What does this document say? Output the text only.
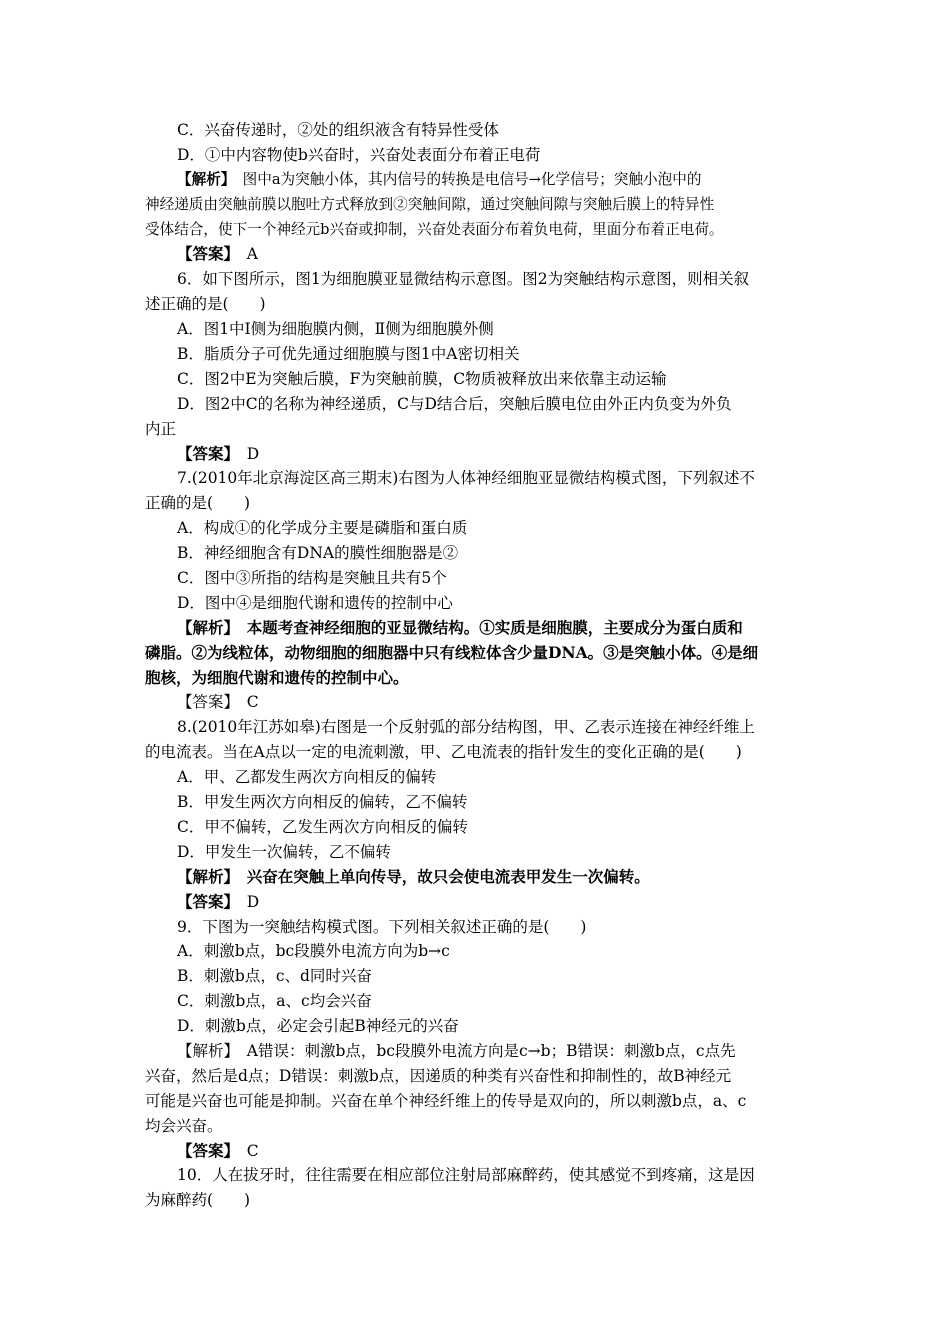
C．兴奋传递时，②处的组织液含有特异性受体
D．①中内容物使b兴奋时，兴奋处表面分布着正电荷
【解析】　图中a为突触小体，其内信号的转换是电信号→化学信号；突触小泡中的
神经递质由突触前膜以胞吐方式释放到②突触间隙，通过突触间隙与突触后膜上的特异性
受体结合，使下一个神经元b兴奋或抑制，兴奋处表面分布着负电荷，里面分布着正电荷。
【答案】　A
6．如下图所示，图1为细胞膜亚显微结构示意图。图2为突触结构示意图，则相关叙
述正确的是(　　)
A．图1中Ⅰ侧为细胞膜内侧，Ⅱ侧为细胞膜外侧
B．脂质分子可优先通过细胞膜与图1中A密切相关
C．图2中E为突触后膜，F为突触前膜，C物质被释放出来依靠主动运输
D．图2中C的名称为神经递质，C与D结合后，突触后膜电位由外正内负变为外负
内正
【答案】　D
7.(2010年北京海淀区高三期末)右图为人体神经细胞亚显微结构模式图，下列叙述不
正确的是(　　)
A．构成①的化学成分主要是磷脂和蛋白质
B．神经细胞含有DNA的膜性细胞器是②
C．图中③所指的结构是突触且共有5个
D．图中④是细胞代谢和遗传的控制中心
【解析】　本题考查神经细胞的亚显微结构。①实质是细胞膜，主要成分为蛋白质和
磷脂。②为线粒体，动物细胞的细胞器中只有线粒体含少量DNA。③是突触小体。④是细
胞核，为细胞代谢和遗传的控制中心。
【答案】　C
8.(2010年江苏如皋)右图是一个反射弧的部分结构图，甲、乙表示连接在神经纤维上
的电流表。当在A点以一定的电流刺激，甲、乙电流表的指针发生的变化正确的是(　　)
A．甲、乙都发生两次方向相反的偏转
B．甲发生两次方向相反的偏转，乙不偏转
C．甲不偏转，乙发生两次方向相反的偏转
D．甲发生一次偏转，乙不偏转
【解析】　兴奋在突触上单向传导，故只会使电流表甲发生一次偏转。
【答案】　D
9．下图为一突触结构模式图。下列相关叙述正确的是(　　)
A．刺激b点，bc段膜外电流方向为b→c
B．刺激b点，c、d同时兴奋
C．刺激b点，a、c均会兴奋
D．刺激b点，必定会引起B神经元的兴奋
【解析】　A错误：刺激b点，bc段膜外电流方向是c→b；B错误：刺激b点，c点先
兴奋，然后是d点；D错误：刺激b点，因递质的种类有兴奋性和抑制性的，故B神经元
可能是兴奋也可能是抑制。兴奋在单个神经纤维上的传导是双向的，所以刺激b点，a、c
均会兴奋。
【答案】　C
10．人在拔牙时，往往需要在相应部位注射局部麻醉药，使其感觉不到疼痛，这是因
为麻醉药(　　)
